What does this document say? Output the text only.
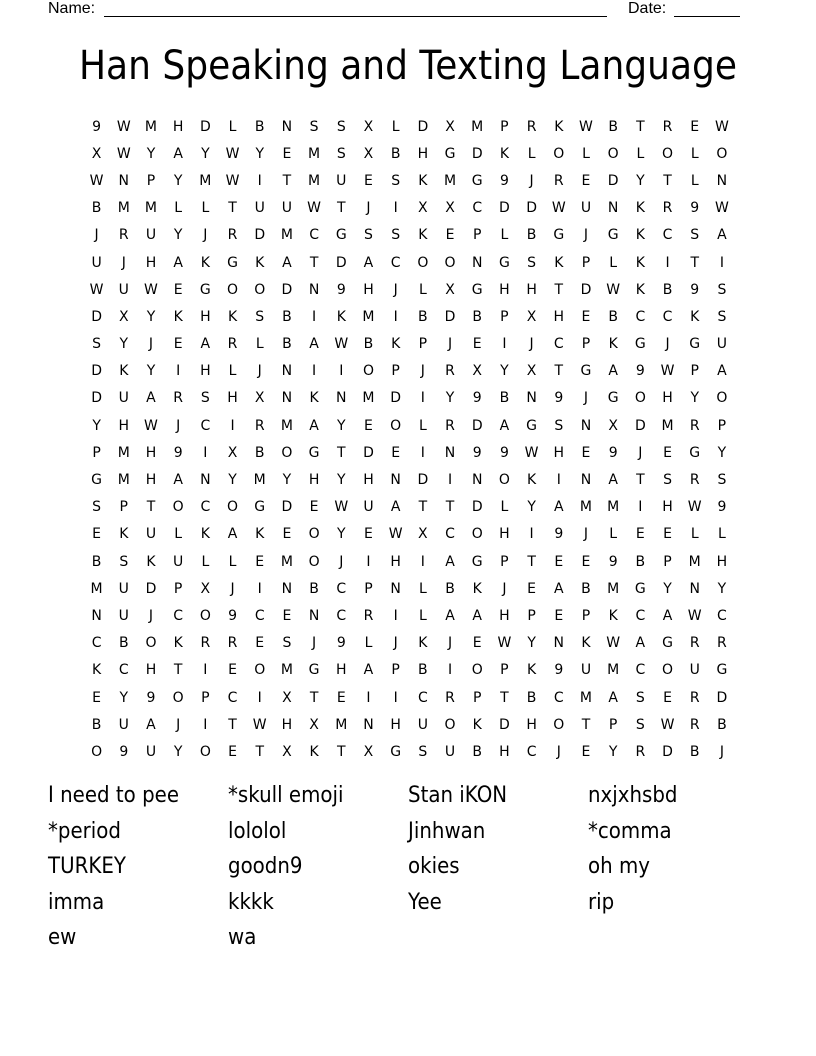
Name:	Date:
Han Speaking and Texting Language
9	W	M	H	D	L	B	N	S	S	X	L	D	X	M	P	R	K	W	B	T	R	E	W
X	W	Y	A	Y	W	Y	E	M	S	X	B	H	G	D	K	L	O	L	O	L	O	L	O
W	N	P	Y	M	W	I	T	M	U	E	S	K	M	G	9	J	R	E	D	Y	T	L	N
B	M	M	L	L	T	U	U	W	T	J	I	X	X	C	D	D	W	U	N	K	R	9	W
J	R	U	Y	J	R	D	M	C	G	S	S	K	E	P	L	B	G	J	G	K	C	S	A
U	J	H	A	K	G	K	A	T	D	A	C	O	O	N	G	S	K	P	L	K	I	T	I
W	U	W	E	G	O	O	D	N	9	H	J	L	X	G	H	H	T	D	W	K	B	9	S
D	X	Y	K	H	K	S	B	I	K	M	I	B	D	B	P	X	H	E	B	C	C	K	S
S	Y	J	E	A	R	L	B	A	W	B	K	P	J	E	I	J	C	P	K	G	J	G	U
D	K	Y	I	H	L	J	N	I	I	O	P	J	R	X	Y	X	T	G	A	9	W	P	A
D	U	A	R	S	H	X	N	K	N	M	D	I	Y	9	B	N	9	J	G	O	H	Y	O
Y	H	W	J	C	I	R	M	A	Y	E	O	L	R	D	A	G	S	N	X	D	M	R	P
P	M	H	9	I	X	B	O	G	T	D	E	I	N	9	9	W	H	E	9	J	E	G	Y
G	M	H	A	N	Y	M	Y	H	Y	H	N	D	I	N	O	K	I	N	A	T	S	R	S
S	P	T	O	C	O	G	D	E	W	U	A	T	T	D	L	Y	A	M	M	I	H	W	9
E	K	U	L	K	A	K	E	O	Y	E	W	X	C	O	H	I	9	J	L	E	E	L	L
B	S	K	U	L	L	E	M	O	J	I	H	I	A	G	P	T	E	E	9	B	P	M	H
M	U	D	P	X	J	I	N	B	C	P	N	L	B	K	J	E	A	B	M	G	Y	N	Y
N	U	J	C	O	9	C	E	N	C	R	I	L	A	A	H	P	E	P	K	C	A	W	C
C	B	O	K	R	R	E	S	J	9	L	J	K	J	E	W	Y	N	K	W	A	G	R	R
K	C	H	T	I	E	O	M	G	H	A	P	B	I	O	P	K	9	U	M	C	O	U	G
E	Y	9	O	P	C	I	X	T	E	I	I	C	R	P	T	B	C	M	A	S	E	R	D
B	U	A	J	I	T	W	H	X	M	N	H	U	O	K	D	H	O	T	P	S	W	R	B
O	9	U	Y	O	E	T	X	K	T	X	G	S	U	B	H	C	J	E	Y	R	D	B	J
I need to pee	*skull emoji	Stan iKON	nxjxhsbd
*period	lololol	Jinhwan	*comma
TURKEY	goodn9	okies	oh my
imma	kkkk	Yee	rip
ew	wa
